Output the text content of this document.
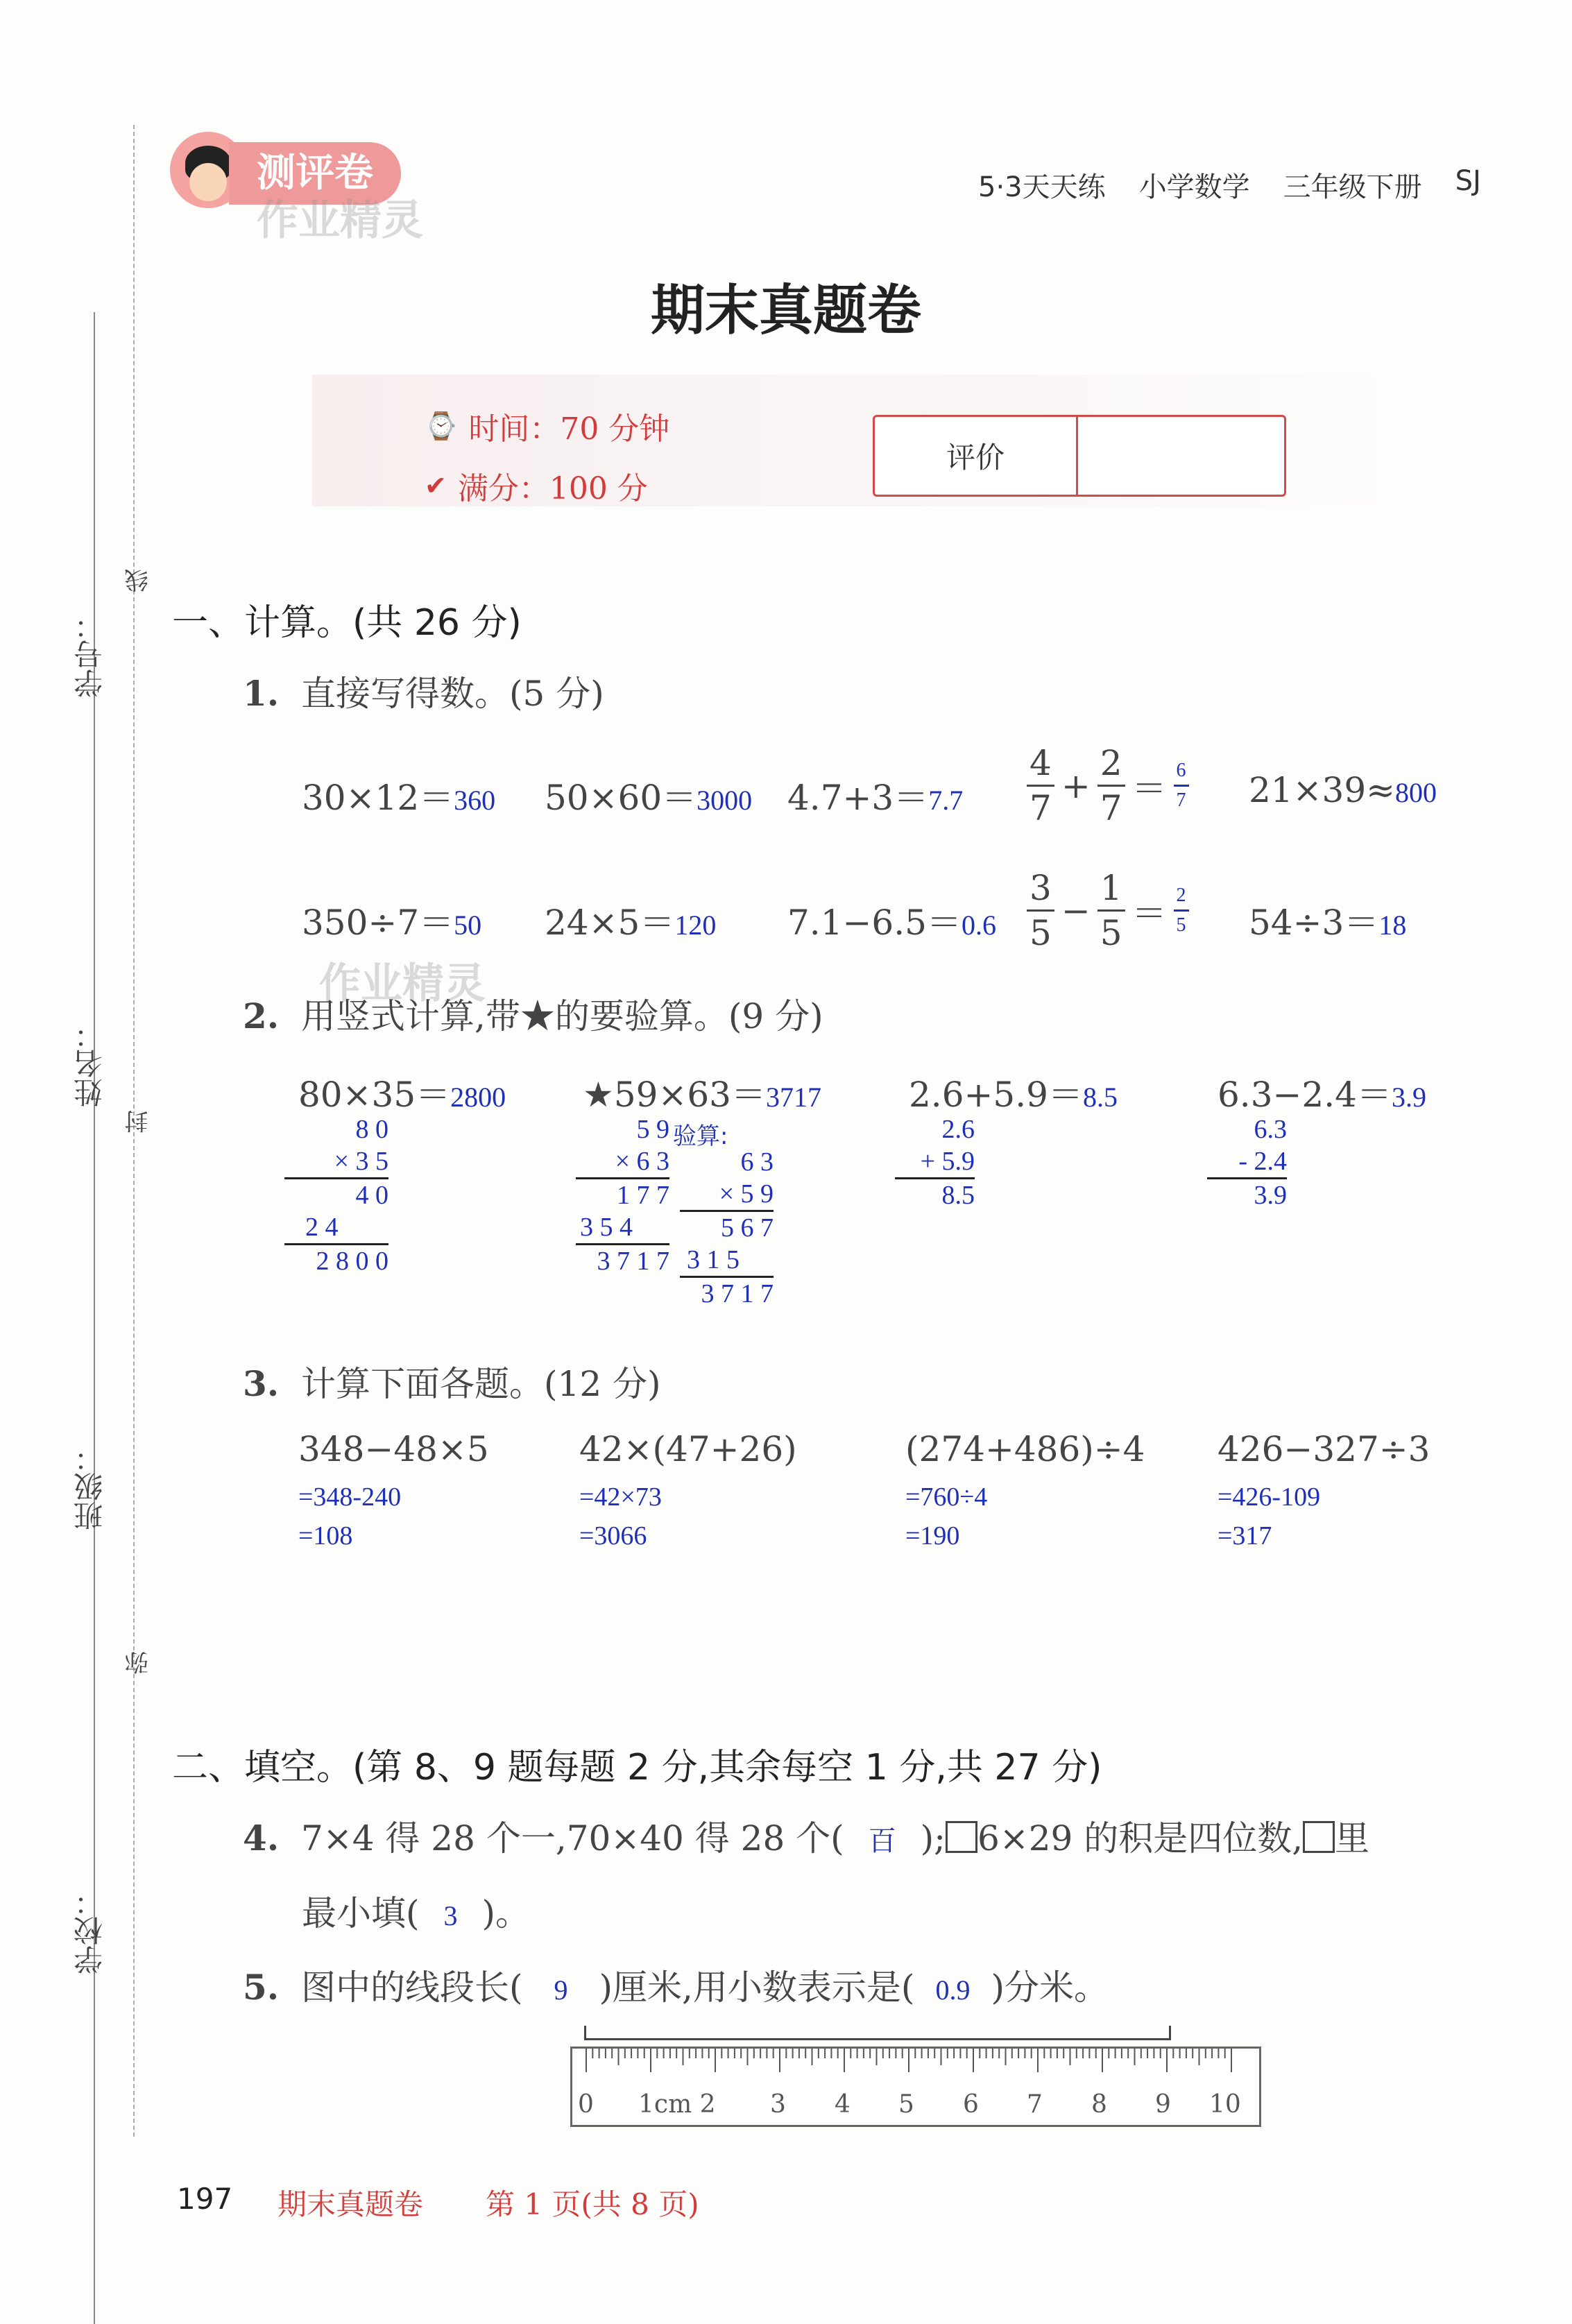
学号：
姓名：
班级：
学校：
线
封
弥
测评卷
作业精灵
5·3天天练 小学数学 三年级下册 SJ
期末真题卷
⌚ 时间：70 分钟
✔ 满分：100 分
评价
一、计算。(共 26 分)
1. 直接写得数。(5 分)
30×12＝360 50×60＝3000 $4.7+3=7.7 \frac{4}{7} + \frac{2}{7} = \frac{6}{7} 21\times 39\approx 800$
350÷7＝50 24×5＝120 $7.1-6.5=0.6 \frac{3}{5} - \frac{1}{5} = \frac{2}{5} 54\div 3=18$
作业精灵
2. 用竖式计算,带★的要验算。(9 分)
80×35＝2800 ★59×63＝3717	2.6+5.9＝8.5	6.3−2.4＝3.9
8 0
× 3 5
4 0
2 4
2 8 0 0
5 9
× 6 3
1 7 7
3 5 4
3 7 1 7
验算:
6 3
× 5 9
5 6 7
3 1 5
3 7 1 7
2.6
+ 5.9
8.5
6.3
- 2.4
3.9
3. 计算下面各题。(12 分)
348−48×5
=348-240
=108
42×(47+26)
=42×73
=3066
(274+486)÷4
=760÷4
=190
426−327÷3
=426-109
=317
二、填空。(第 8、9 题每题 2 分,其余每空 1 分,共 27 分)
4. 7×4 得 28 个一,70×40 得 28 个( 百 ); 6×29 的积是四位数, 里
最小填( 3 )。
5. 图中的线段长( 9 )厘米,用小数表示是( 0.9 )分米。
0 1cm 2 3 4 5 6 7 8 9 10
197 期末真题卷 第 1 页(共 8 页)
